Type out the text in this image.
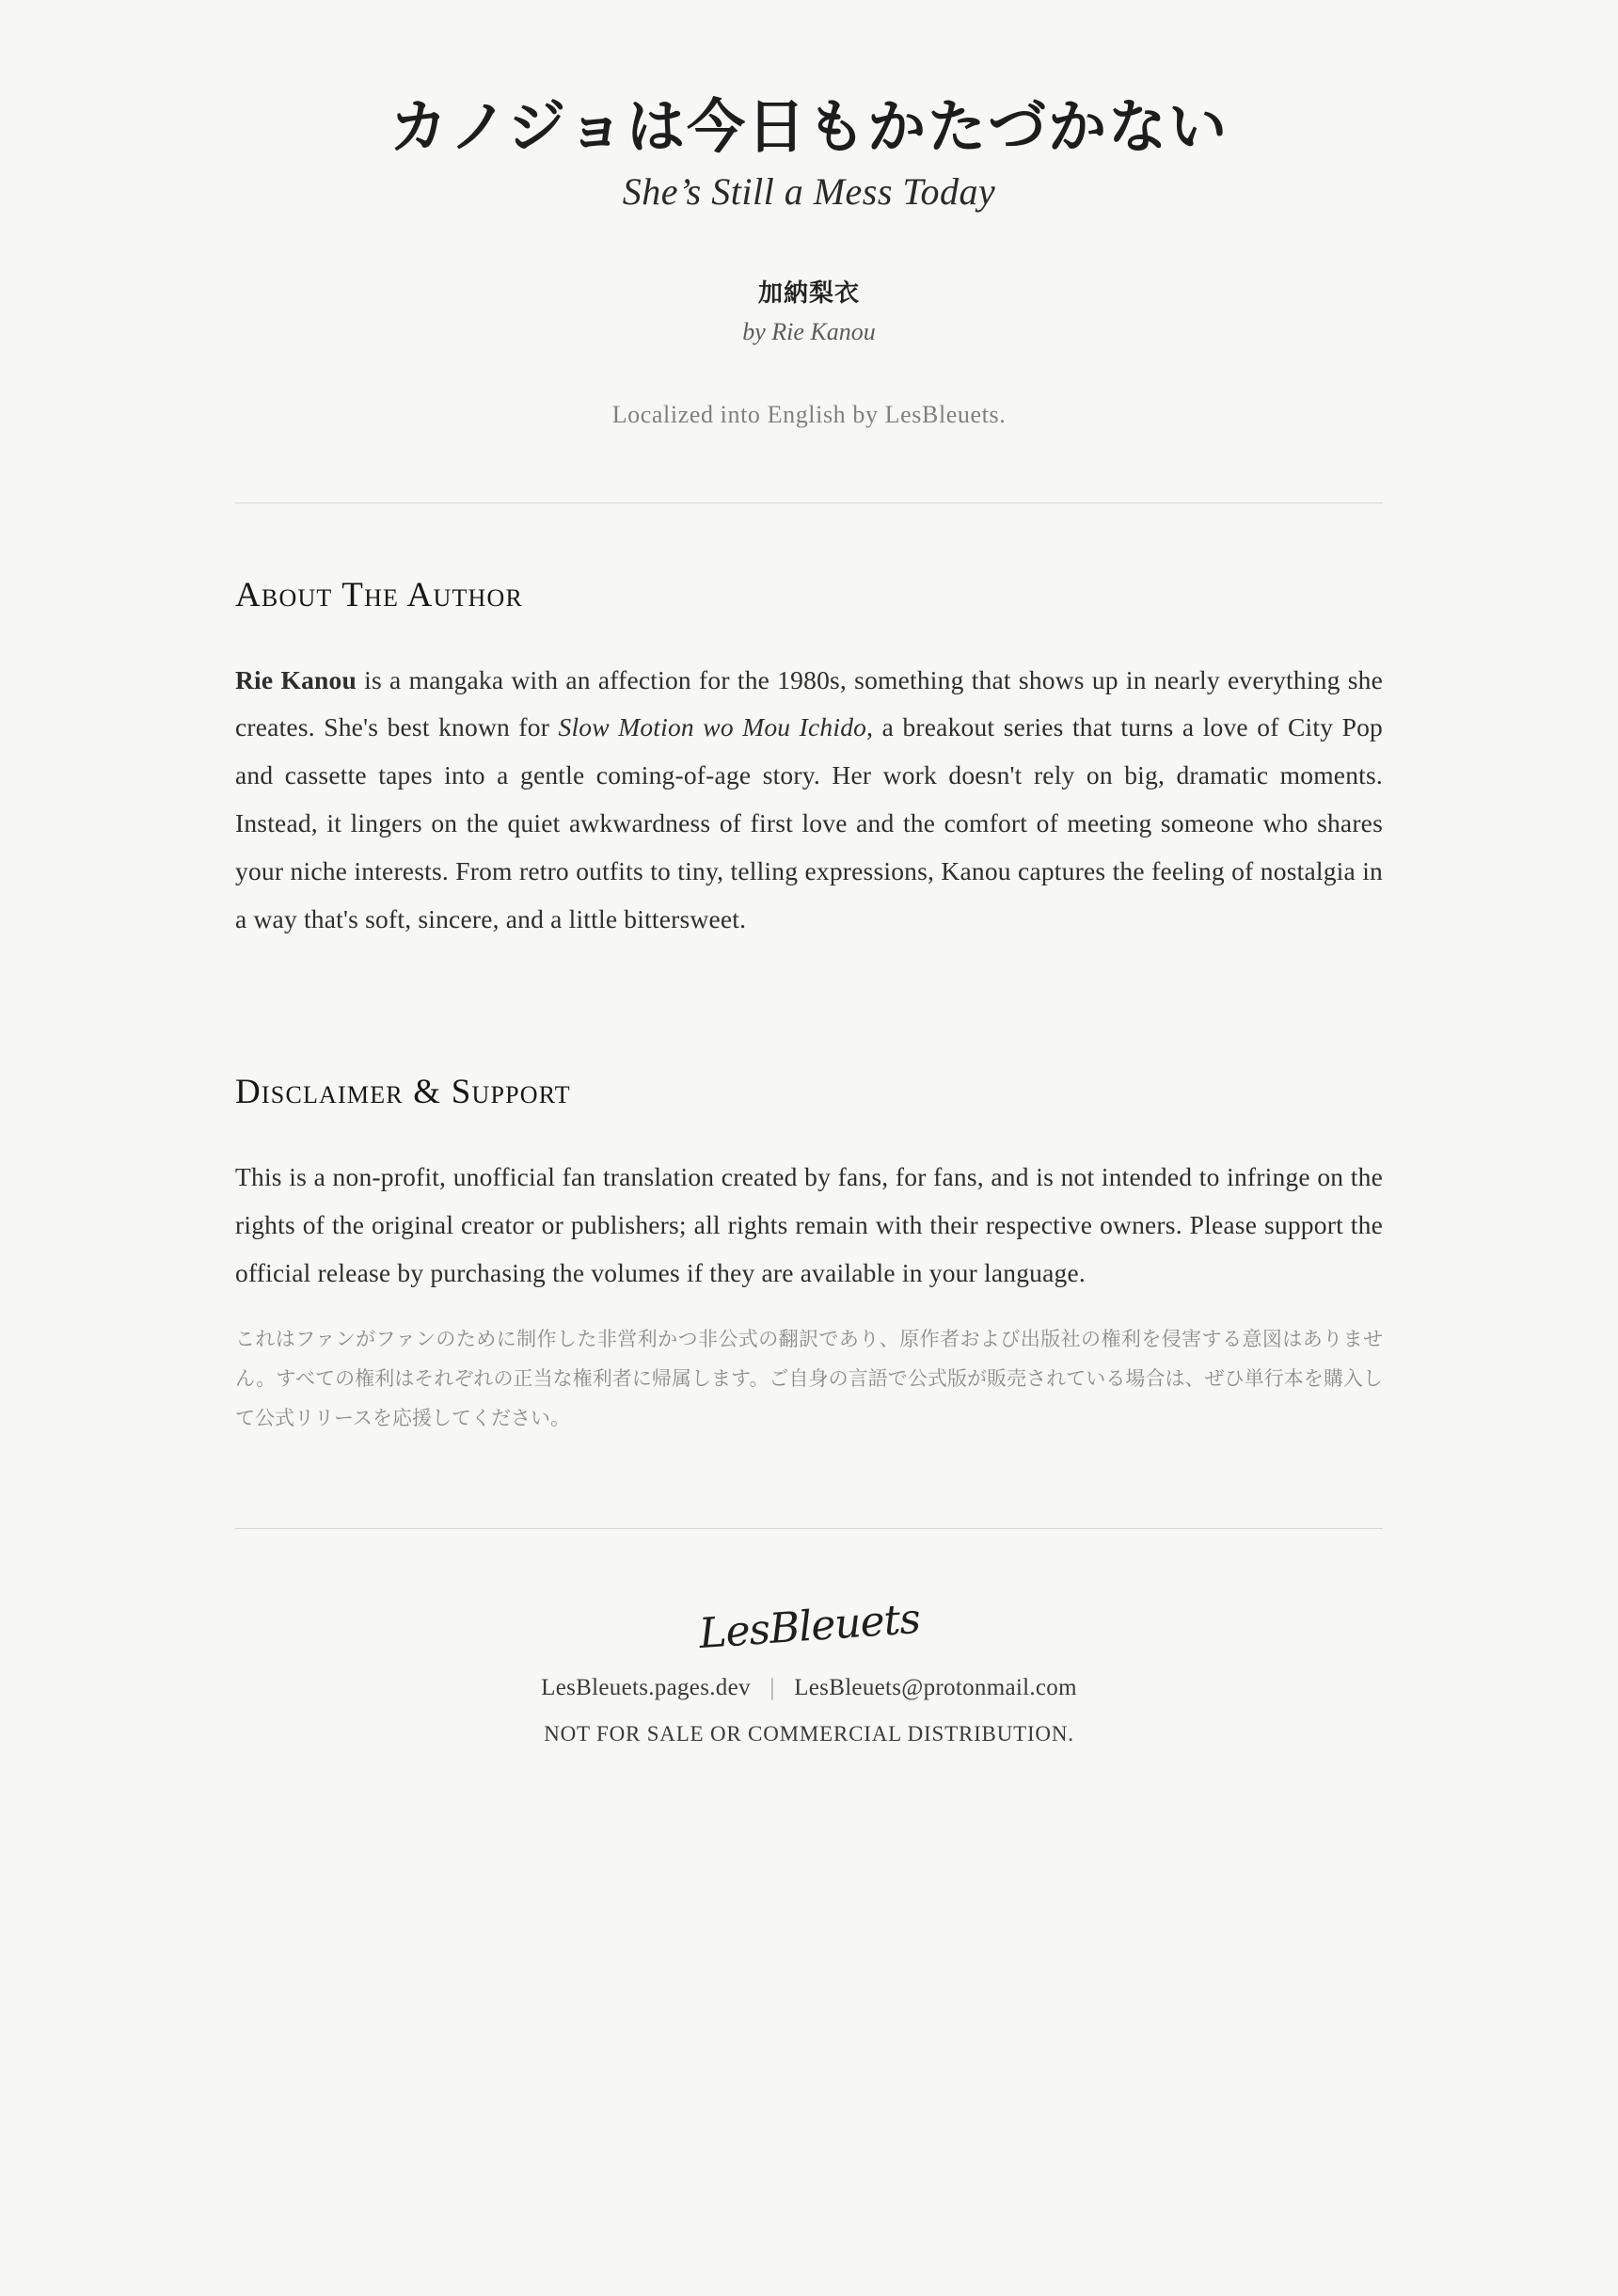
カノジョは今日もかたづかない
She’s Still a Mess Today
加納梨衣
by Rie Kanou
Localized into English by LesBleuets.
About The Author

Rie Kanou is a mangaka with an affection for the 1980s, something that shows up in nearly everything she creates. She's best known for Slow Motion wo Mou Ichido, a breakout series that turns a love of City Pop and cassette tapes into a gentle coming-of-age story. Her work doesn't rely on big, dramatic moments. Instead, it lingers on the quiet awkwardness of first love and the comfort of meeting someone who shares your niche interests. From retro outfits to tiny, telling expressions, Kanou captures the feeling of nostalgia in a way that's soft, sincere, and a little bittersweet.

Disclaimer & Support

This is a non-profit, unofficial fan translation created by fans, for fans, and is not intended to infringe on the rights of the original creator or publishers; all rights remain with their respective owners. Please support the official release by purchasing the volumes if they are available in your language.

これはファンがファンのために制作した非営利かつ非公式の翻訳であり、原作者および出版社の権利を侵害する意図はありません。すべての権利はそれぞれの正当な権利者に帰属します。ご自身の言語で公式版が販売されている場合は、ぜひ単行本を購入して公式リリースを応援してください。

LesBleuets
LesBleuets.pages.dev | LesBleuets@protonmail.com
NOT FOR SALE OR COMMERCIAL DISTRIBUTION.
